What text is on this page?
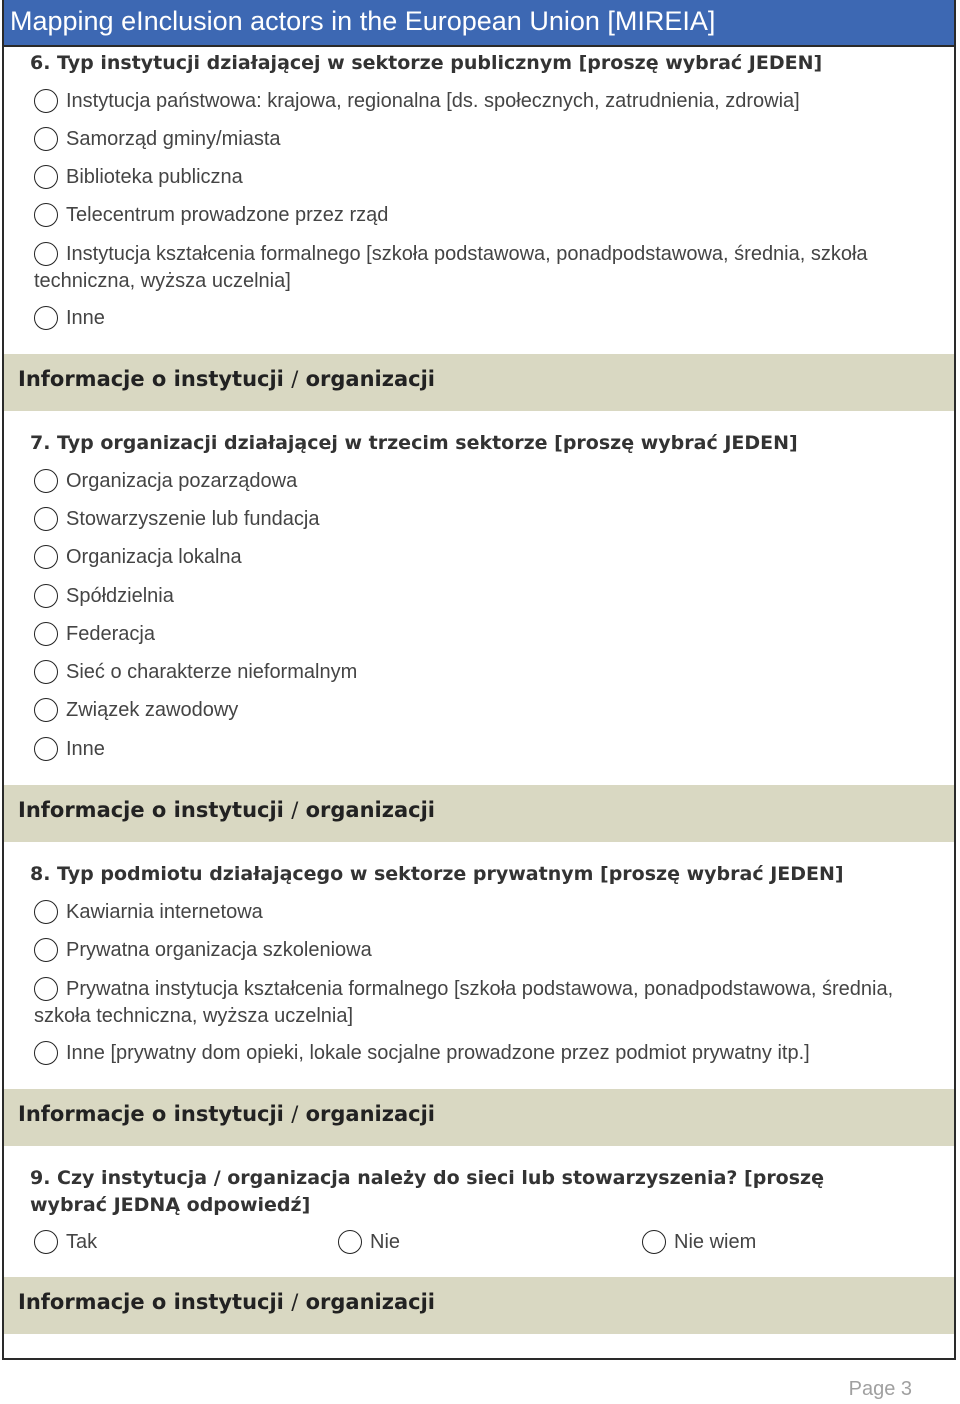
Mapping eInclusion actors in the European Union [MIREIA]
6. Typ instytucji działającej w sektorze publicznym [proszę wybrać JEDEN]
Instytucja państwowa: krajowa, regionalna [ds. społecznych, zatrudnienia, zdrowia]
Samorząd gminy/miasta
Biblioteka publiczna
Telecentrum prowadzone przez rząd
Instytucja kształcenia formalnego [szkoła podstawowa, ponadpodstawowa, średnia, szkoła techniczna, wyższa uczelnia]
Inne
Informacje o instytucji / organizacji
7. Typ organizacji działającej w trzecim sektorze [proszę wybrać JEDEN]
Organizacja pozarządowa
Stowarzyszenie lub fundacja
Organizacja lokalna
Spółdzielnia
Federacja
Sieć o charakterze nieformalnym
Związek zawodowy
Inne
Informacje o instytucji / organizacji
8. Typ podmiotu działającego w sektorze prywatnym [proszę wybrać JEDEN]
Kawiarnia internetowa
Prywatna organizacja szkoleniowa
Prywatna instytucja kształcenia formalnego [szkoła podstawowa, ponadpodstawowa, średnia, szkoła techniczna, wyższa uczelnia]
Inne [prywatny dom opieki, lokale socjalne prowadzone przez podmiot prywatny itp.]
Informacje o instytucji / organizacji
9. Czy instytucja / organizacja należy do sieci lub stowarzyszenia? [proszę wybrać JEDNĄ odpowiedź]
Tak	Nie	Nie wiem
Informacje o instytucji / organizacji
Page 3
